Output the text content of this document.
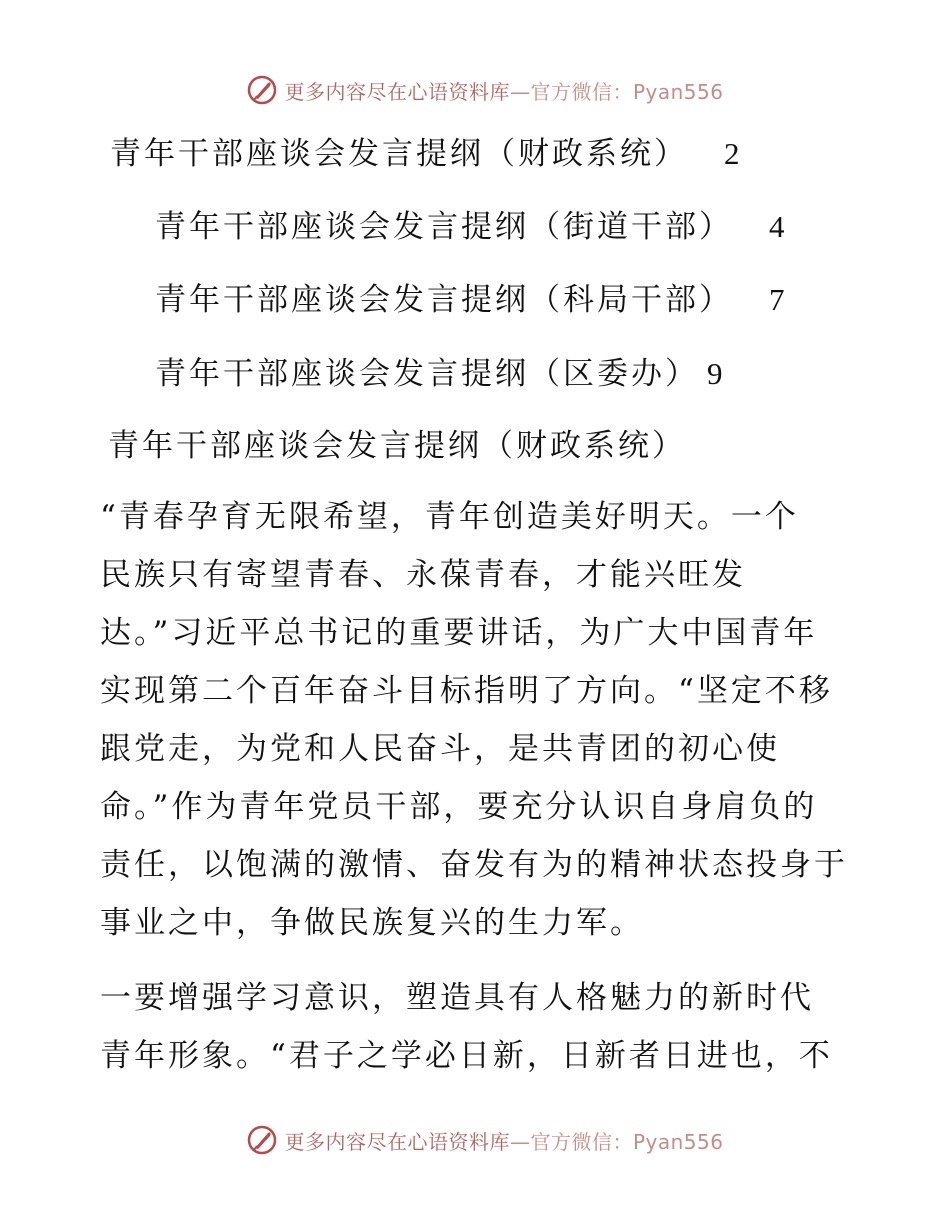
更多内容尽在心语资料库—官方微信：Pyan556
青年干部座谈会发言提纲（财政系统） 2
青年干部座谈会发言提纲（街道干部） 4
青年干部座谈会发言提纲（科局干部） 7
青年干部座谈会发言提纲（区委办） 9
青年干部座谈会发言提纲（财政系统）
“青春孕育无限希望，青年创造美好明天。一个
民族只有寄望青春、永葆青春，才能兴旺发
达。”习近平总书记的重要讲话，为广大中国青年
实现第二个百年奋斗目标指明了方向。“坚定不移
跟党走，为党和人民奋斗，是共青团的初心使
命。”作为青年党员干部，要充分认识自身肩负的
责任，以饱满的激情、奋发有为的精神状态投身于
事业之中，争做民族复兴的生力军。
一要增强学习意识，塑造具有人格魅力的新时代
青年形象。“君子之学必日新，日新者日进也，不
更多内容尽在心语资料库—官方微信：Pyan556
